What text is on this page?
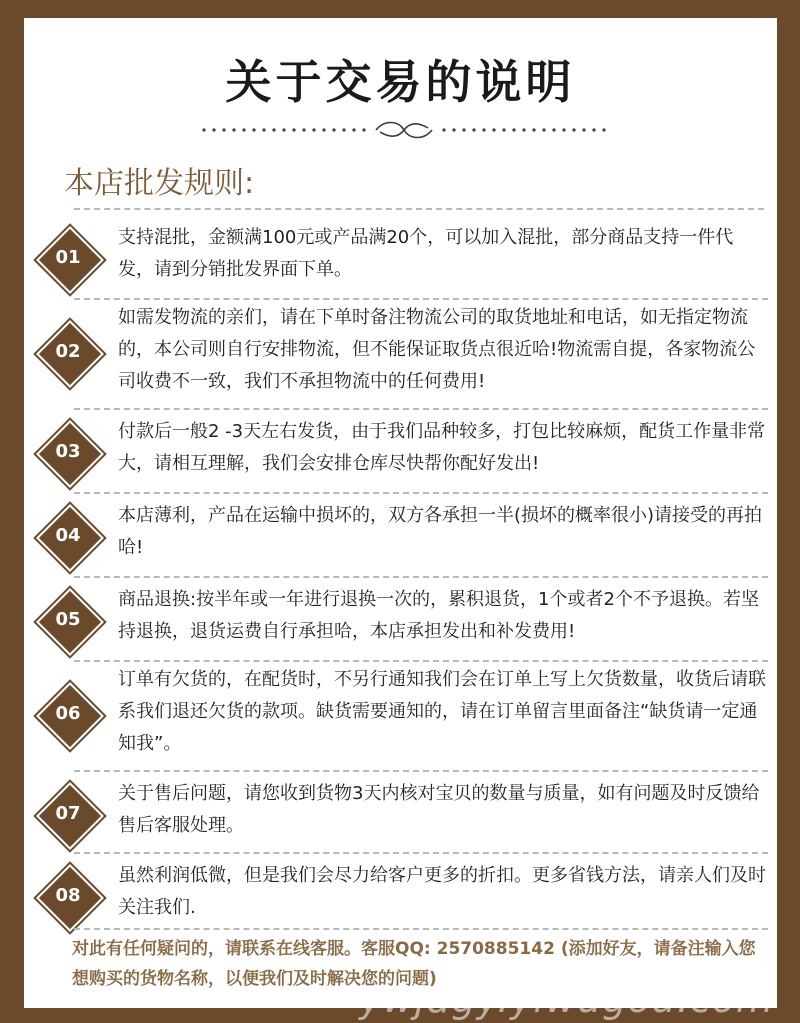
关于交易的说明
本店批发规则:
01
支持混批，金额满100元或产品满20个，可以加入混批，部分商品支持一件代发，请到分销批发界面下单。
02
如需发物流的亲们，请在下单时备注物流公司的取货地址和电话，如无指定物流的，本公司则自行安排物流，但不能保证取货点很近哈!物流需自提，各家物流公司收费不一致，我们不承担物流中的任何费用!
03
付款后一般2 -3天左右发货，由于我们品种较多，打包比较麻烦，配货工作量非常大，请相互理解，我们会安排仓库尽快帮你配好发出!
04
本店薄利，产品在运输中损坏的，双方各承担一半(损坏的概率很小)请接受的再拍哈!
05
商品退换:按半年或一年进行退换一次的，累积退货，1个或者2个不予退换。若坚持退换，退货运费自行承担哈，本店承担发出和补发费用!
06
订单有欠货的，在配货时，不另行通知我们会在订单上写上欠货数量，收货后请联系我们退还欠货的款项。缺货需要通知的，请在订单留言里面备注“缺货请一定通知我”。
07
关于售后问题，请您收到货物3天内核对宝贝的数量与质量，如有问题及时反馈给售后客服处理。
08
虽然利润低微，但是我们会尽力给客户更多的折扣。更多省钱方法，请亲人们及时关注我们.
对此有任何疑问的，请联系在线客服。客服QQ: 2570885142 (添加好友，请备注输入您想购买的货物名称，以便我们及时解决您的问题)
ywjdgy.yiwugou.com
